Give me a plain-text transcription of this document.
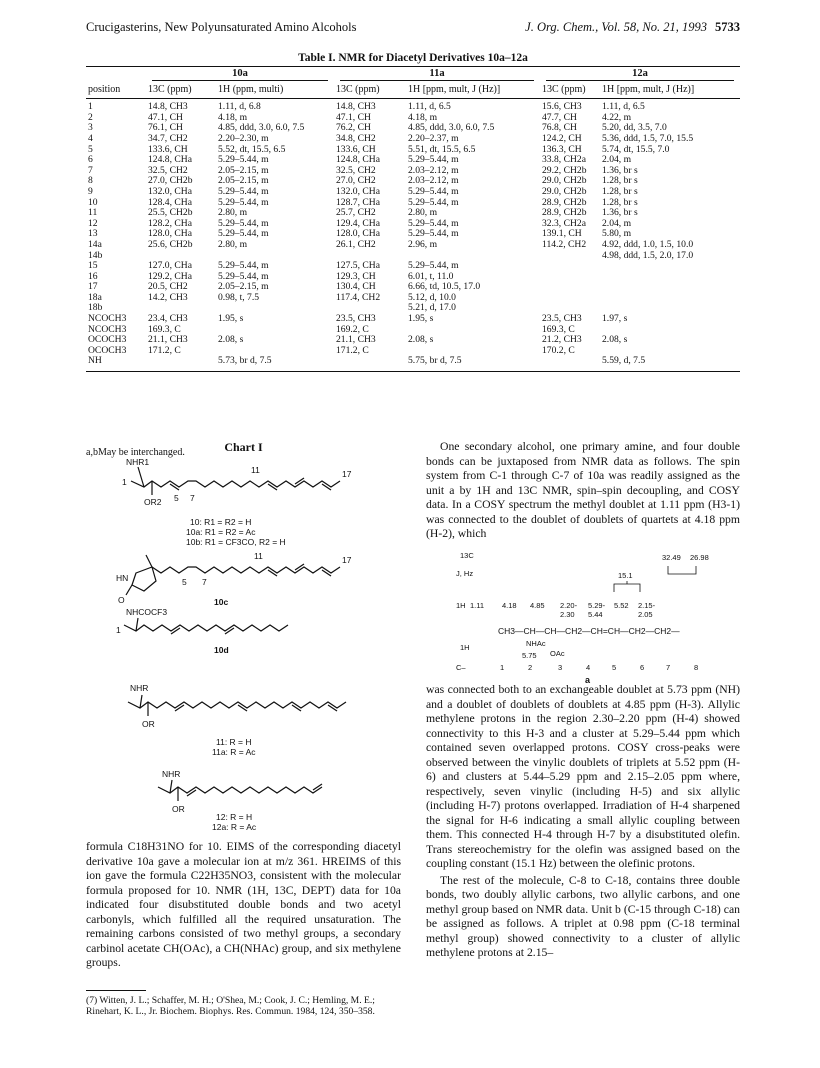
Crucigasterins, New Polyunsaturated Amino Alcohols	J. Org. Chem., Vol. 58, No. 21, 1993 5733
Table I. NMR for Diacetyl Derivatives 10a–12a

	10a		11a		12a	

position	13C (ppm)	1H (ppm, multi)	13C (ppm)	1H [ppm, mult, J (Hz)]	13C (ppm)	1H [ppm, mult, J (Hz)]
1	14.8, CH3	1.11, d, 6.8	14.8, CH3	1.11, d, 6.5	15.6, CH3	1.11, d, 6.5
2	47.1, CH	4.18, m	47.1, CH	4.18, m	47.7, CH	4.22, m
3	76.1, CH	4.85, ddd, 3.0, 6.0, 7.5	76.2, CH	4.85, ddd, 3.0, 6.0, 7.5	76.8, CH	5.20, dd, 3.5, 7.0
4	34.7, CH2	2.20–2.30, m	34.8, CH2	2.20–2.37, m	124.2, CH	5.36, ddd, 1.5, 7.0, 15.5
5	133.6, CH	5.52, dt, 15.5, 6.5	133.6, CH	5.51, dt, 15.5, 6.5	136.3, CH	5.74, dt, 15.5, 7.0
6	124.8, CHa	5.29–5.44, m	124.8, CHa	5.29–5.44, m	33.8, CH2a	2.04, m
7	32.5, CH2	2.05–2.15, m	32.5, CH2	2.03–2.12, m	29.2, CH2b	1.36, br s
8	27.0, CH2b	2.05–2.15, m	27.0, CH2	2.03–2.12, m	29.0, CH2b	1.28, br s
9	132.0, CHa	5.29–5.44, m	132.0, CHa	5.29–5.44, m	29.0, CH2b	1.28, br s
10	128.4, CHa	5.29–5.44, m	128.7, CHa	5.29–5.44, m	28.9, CH2b	1.28, br s
11	25.5, CH2b	2.80, m	25.7, CH2	2.80, m	28.9, CH2b	1.36, br s
12	128.2, CHa	5.29–5.44, m	129.4, CHa	5.29–5.44, m	32.3, CH2a	2.04, m
13	128.0, CHa	5.29–5.44, m	128.0, CHa	5.29–5.44, m	139.1, CH	5.80, m
14a	25.6, CH2b	2.80, m	26.1, CH2	2.96, m	114.2, CH2	4.92, ddd, 1.0, 1.5, 10.0
14b						4.98, ddd, 1.5, 2.0, 17.0
15	127.0, CHa	5.29–5.44, m	127.5, CHa	5.29–5.44, m		
16	129.2, CHa	5.29–5.44, m	129.3, CH	6.01, t, 11.0		
17	20.5, CH2	2.05–2.15, m	130.4, CH	6.66, td, 10.5, 17.0		
18a	14.2, CH3	0.98, t, 7.5	117.4, CH2	5.12, d, 10.0		
18b				5.21, d, 17.0		
NCOCH3	23.4, CH3	1.95, s	23.5, CH3	1.95, s	23.5, CH3	1.97, s
NCOCH3	169.3, C		169.2, C		169.3, C	
OCOCH3	21.1, CH3	2.08, s	21.1, CH3	2.08, s	21.2, CH3	2.08, s
OCOCH3	171.2, C		171.2, C		170.2, C	
NH		5.73, br d, 7.5		5.75, br d, 7.5		5.59, d, 7.5
a,bMay be interchanged.	Chart I
NHR1
1
OR2 5 7
11	17
10: R1 = R2 = H
10a: R1 = R2 = Ac
10b: R1 = CF3CO, R2 = H
HN
O
5 7
11	17
10c
NHCOCF3
1
10d
NHR
OR
11: R = H
11a: R = Ac
NHR
OR
12: R = H
12a: R = Ac

formula C18H31NO for 10. EIMS of the corresponding diacetyl derivative 10a gave a molecular ion at m/z 361. HREIMS of this ion gave the formula C22H35NO3, consistent with the molecular formula proposed for 10. NMR (1H, 13C, DEPT) data for 10a indicated four disubstituted double bonds and two acetyl carbonyls, which fulfilled all the required unsaturation. The remaining carbons consisted of two methyl groups, a secondary carbinol acetate CH(OAc), a CH(NHAc) group, and six methylene groups.

(7) Witten, J. L.; Schaffer, M. H.; O'Shea, M.; Cook, J. C.; Hemling, M. E.; Rinehart, K. L., Jr. Biochem. Biophys. Res. Commun. 1984, 124, 350–358.

One secondary alcohol, one primary amine, and four double bonds can be juxtaposed from NMR data as follows. The spin system from C-1 through C-7 of 10a was readily assigned as the unit a by 1H and 13C NMR, spin–spin decoupling, and COSY data. In a COSY spectrum the methyl doublet at 1.11 ppm (H3-1) was connected to the doublet of doublets of quartets at 4.18 ppm (H-2), which

13C
J, Hz
32.49 26.98
15.1
1H 1.11 4.18 4.85 2.20- 5.29- 5.52 2.15-
2.30 5.44	2.05
CH3—CH—CH—CH2—CH=CH—CH2—CH2—
NHAc
OAc
1H
5.75
C–	1	2	3	4	5	6	7	8
a

was connected both to an exchangeable doublet at 5.73 ppm (NH) and a doublet of doublets of doublets at 4.85 ppm (H-3). Allylic methylene protons in the region 2.30–2.20 ppm (H-4) showed connectivity to this H-3 and a cluster at 5.29–5.44 ppm which contained seven overlapped protons. COSY cross-peaks were observed between the vinylic doublets of triplets at 5.52 ppm (H-6) and clusters at 5.44–5.29 ppm and 2.15–2.05 ppm where, respectively, seven vinylic (including H-5) and six allylic (including H-7) protons overlapped. Irradiation of H-4 sharpened the signal for H-6 indicating a small allylic coupling between them. This connected H-4 through H-7 by a disubstituted olefin. Trans stereochemistry for the olefin was assigned based on the coupling constant (15.1 Hz) between the olefinic protons.

The rest of the molecule, C-8 to C-18, contains three double bonds, two doubly allylic carbons, two allylic carbons, and one methyl group based on NMR data. Unit b (C-15 through C-18) can be assigned as follows. A triplet at 0.98 ppm (C-18 terminal methyl group) showed connectivity to a cluster of allylic methylene protons at 2.15–
